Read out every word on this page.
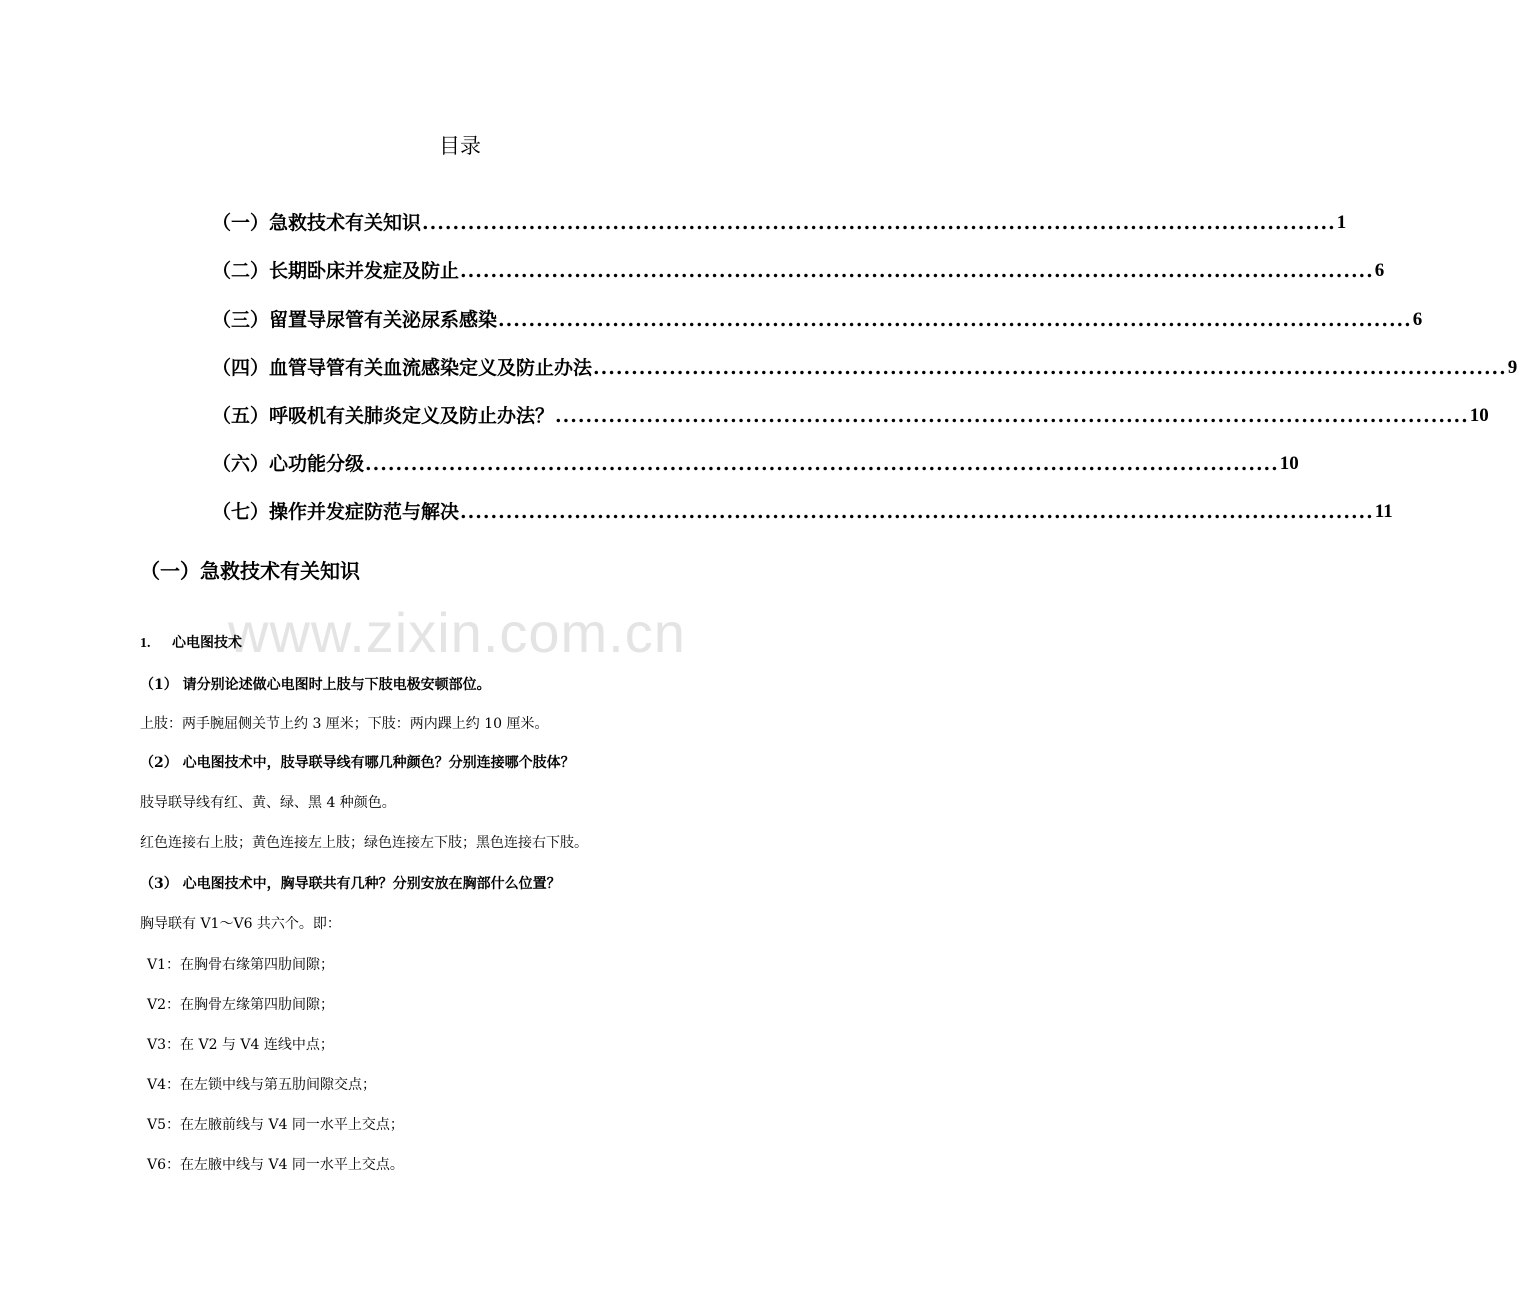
目录
（一）急救技术有关知识 ........................................................................................................................ 1
（二）长期卧床并发症及防止 ........................................................................................................................ 6
（三）留置导尿管有关泌尿系感染 ........................................................................................................................ 6
（四）血管导管有关血流感染定义及防止办法 ........................................................................................................................ 9
（五）呼吸机有关肺炎定义及防止办法？ ........................................................................................................................ 10
（六）心功能分级 ........................................................................................................................ 10
（七）操作并发症防范与解决 ........................................................................................................................ 11
（一）急救技术有关知识
www.zixin.com.cn
1. 心电图技术
（1） 请分别论述做心电图时上肢与下肢电极安顿部位。
上肢：两手腕屈侧关节上约 3 厘米；下肢：两内踝上约 10 厘米。
（2） 心电图技术中，肢导联导线有哪几种颜色？分别连接哪个肢体？
肢导联导线有红、黄、绿、黑 4 种颜色。
红色连接右上肢；黄色连接左上肢；绿色连接左下肢；黑色连接右下肢。
（3） 心电图技术中，胸导联共有几种？分别安放在胸部什么位置？
胸导联有 V1～V6 共六个。即：
V1：在胸骨右缘第四肋间隙；
V2：在胸骨左缘第四肋间隙；
V3：在 V2 与 V4 连线中点；
V4：在左锁中线与第五肋间隙交点；
V5：在左腋前线与 V4 同一水平上交点；
V6：在左腋中线与 V4 同一水平上交点。
